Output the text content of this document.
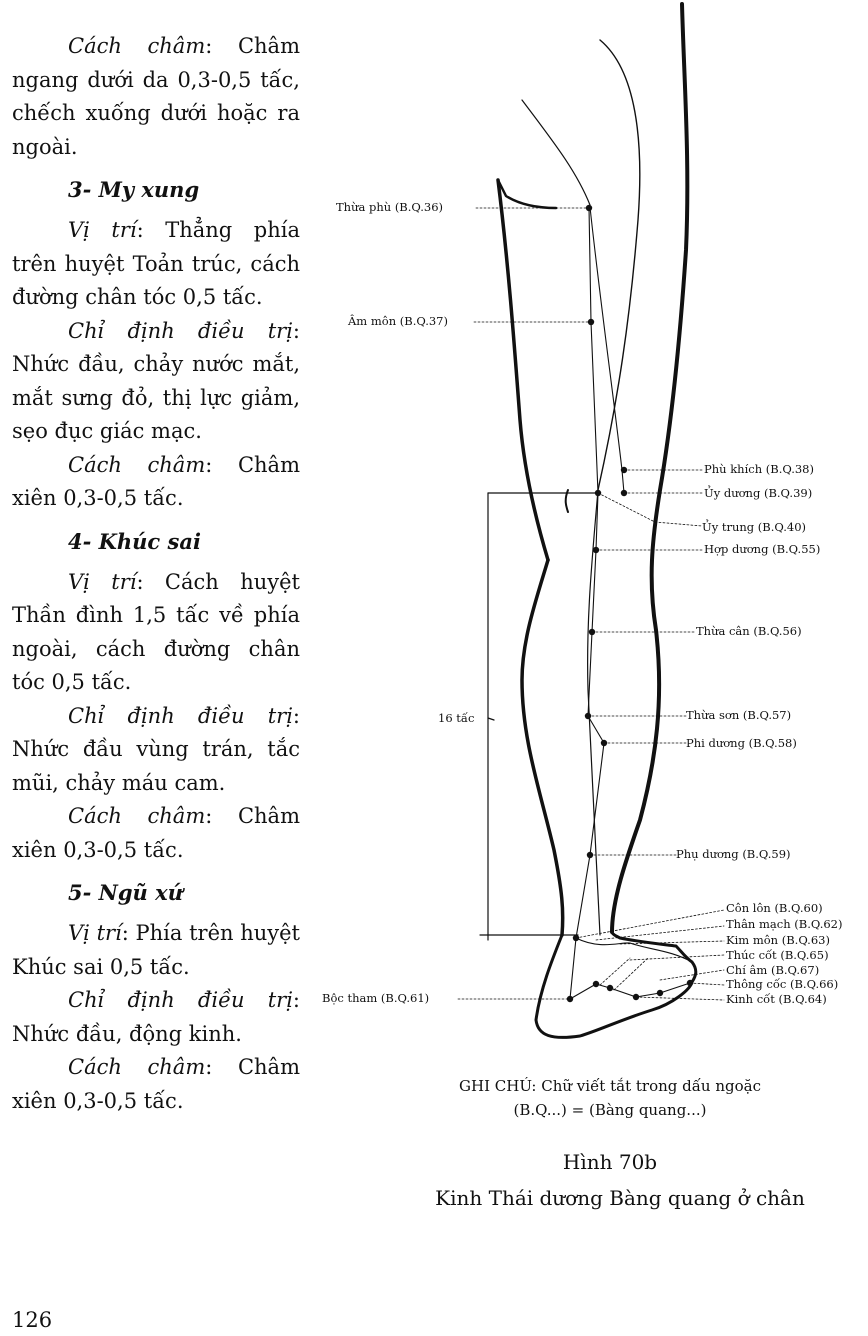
Cách châm: Châm ngang dưới da 0,3-0,5 tấc, chếch xuống dưới hoặc ra ngoài.

3- My xung

Vị trí: Thẳng phía trên huyệt Toản trúc, cách đường chân tóc 0,5 tấc.

Chỉ định điều trị: Nhức đầu, chảy nước mắt, mắt sưng đỏ, thị lực giảm, sẹo đục giác mạc.

Cách châm: Châm xiên 0,3-0,5 tấc.

4- Khúc sai

Vị trí: Cách huyệt Thần đình 1,5 tấc về phía ngoài, cách đường chân tóc 0,5 tấc.

Chỉ định điều trị: Nhức đầu vùng trán, tắc mũi, chảy máu cam.

Cách châm: Châm xiên 0,3-0,5 tấc.

5- Ngũ xứ

Vị trí: Phía trên huyệt Khúc sai 0,5 tấc.

Chỉ định điều trị: Nhức đầu, động kinh.

Cách châm: Châm xiên 0,3-0,5 tấc.

126
Thừa phù (B.Q.36)
Âm môn (B.Q.37)
Phù khích (B.Q.38)
Ủy dương (B.Q.39)
Ủy trung (B.Q.40)
Hợp dương (B.Q.55)
Thừa cân (B.Q.56)
16 tấc	Thừa sơn (B.Q.57)
Phi dương (B.Q.58)
Phụ dương (B.Q.59)
Côn lôn (B.Q.60)
Thân mạch (B.Q.62)
Kim môn (B.Q.63)
Thúc cốt (B.Q.65)
Chí âm (B.Q.67)
Thông cốc (B.Q.66)
Bộc tham (B.Q.61)	Kinh cốt (B.Q.64)
GHI CHÚ: Chữ viết tắt trong dấu ngoặc
(B.Q...) = (Bàng quang...)
Hình 70b
Kinh Thái dương Bàng quang ở chân
